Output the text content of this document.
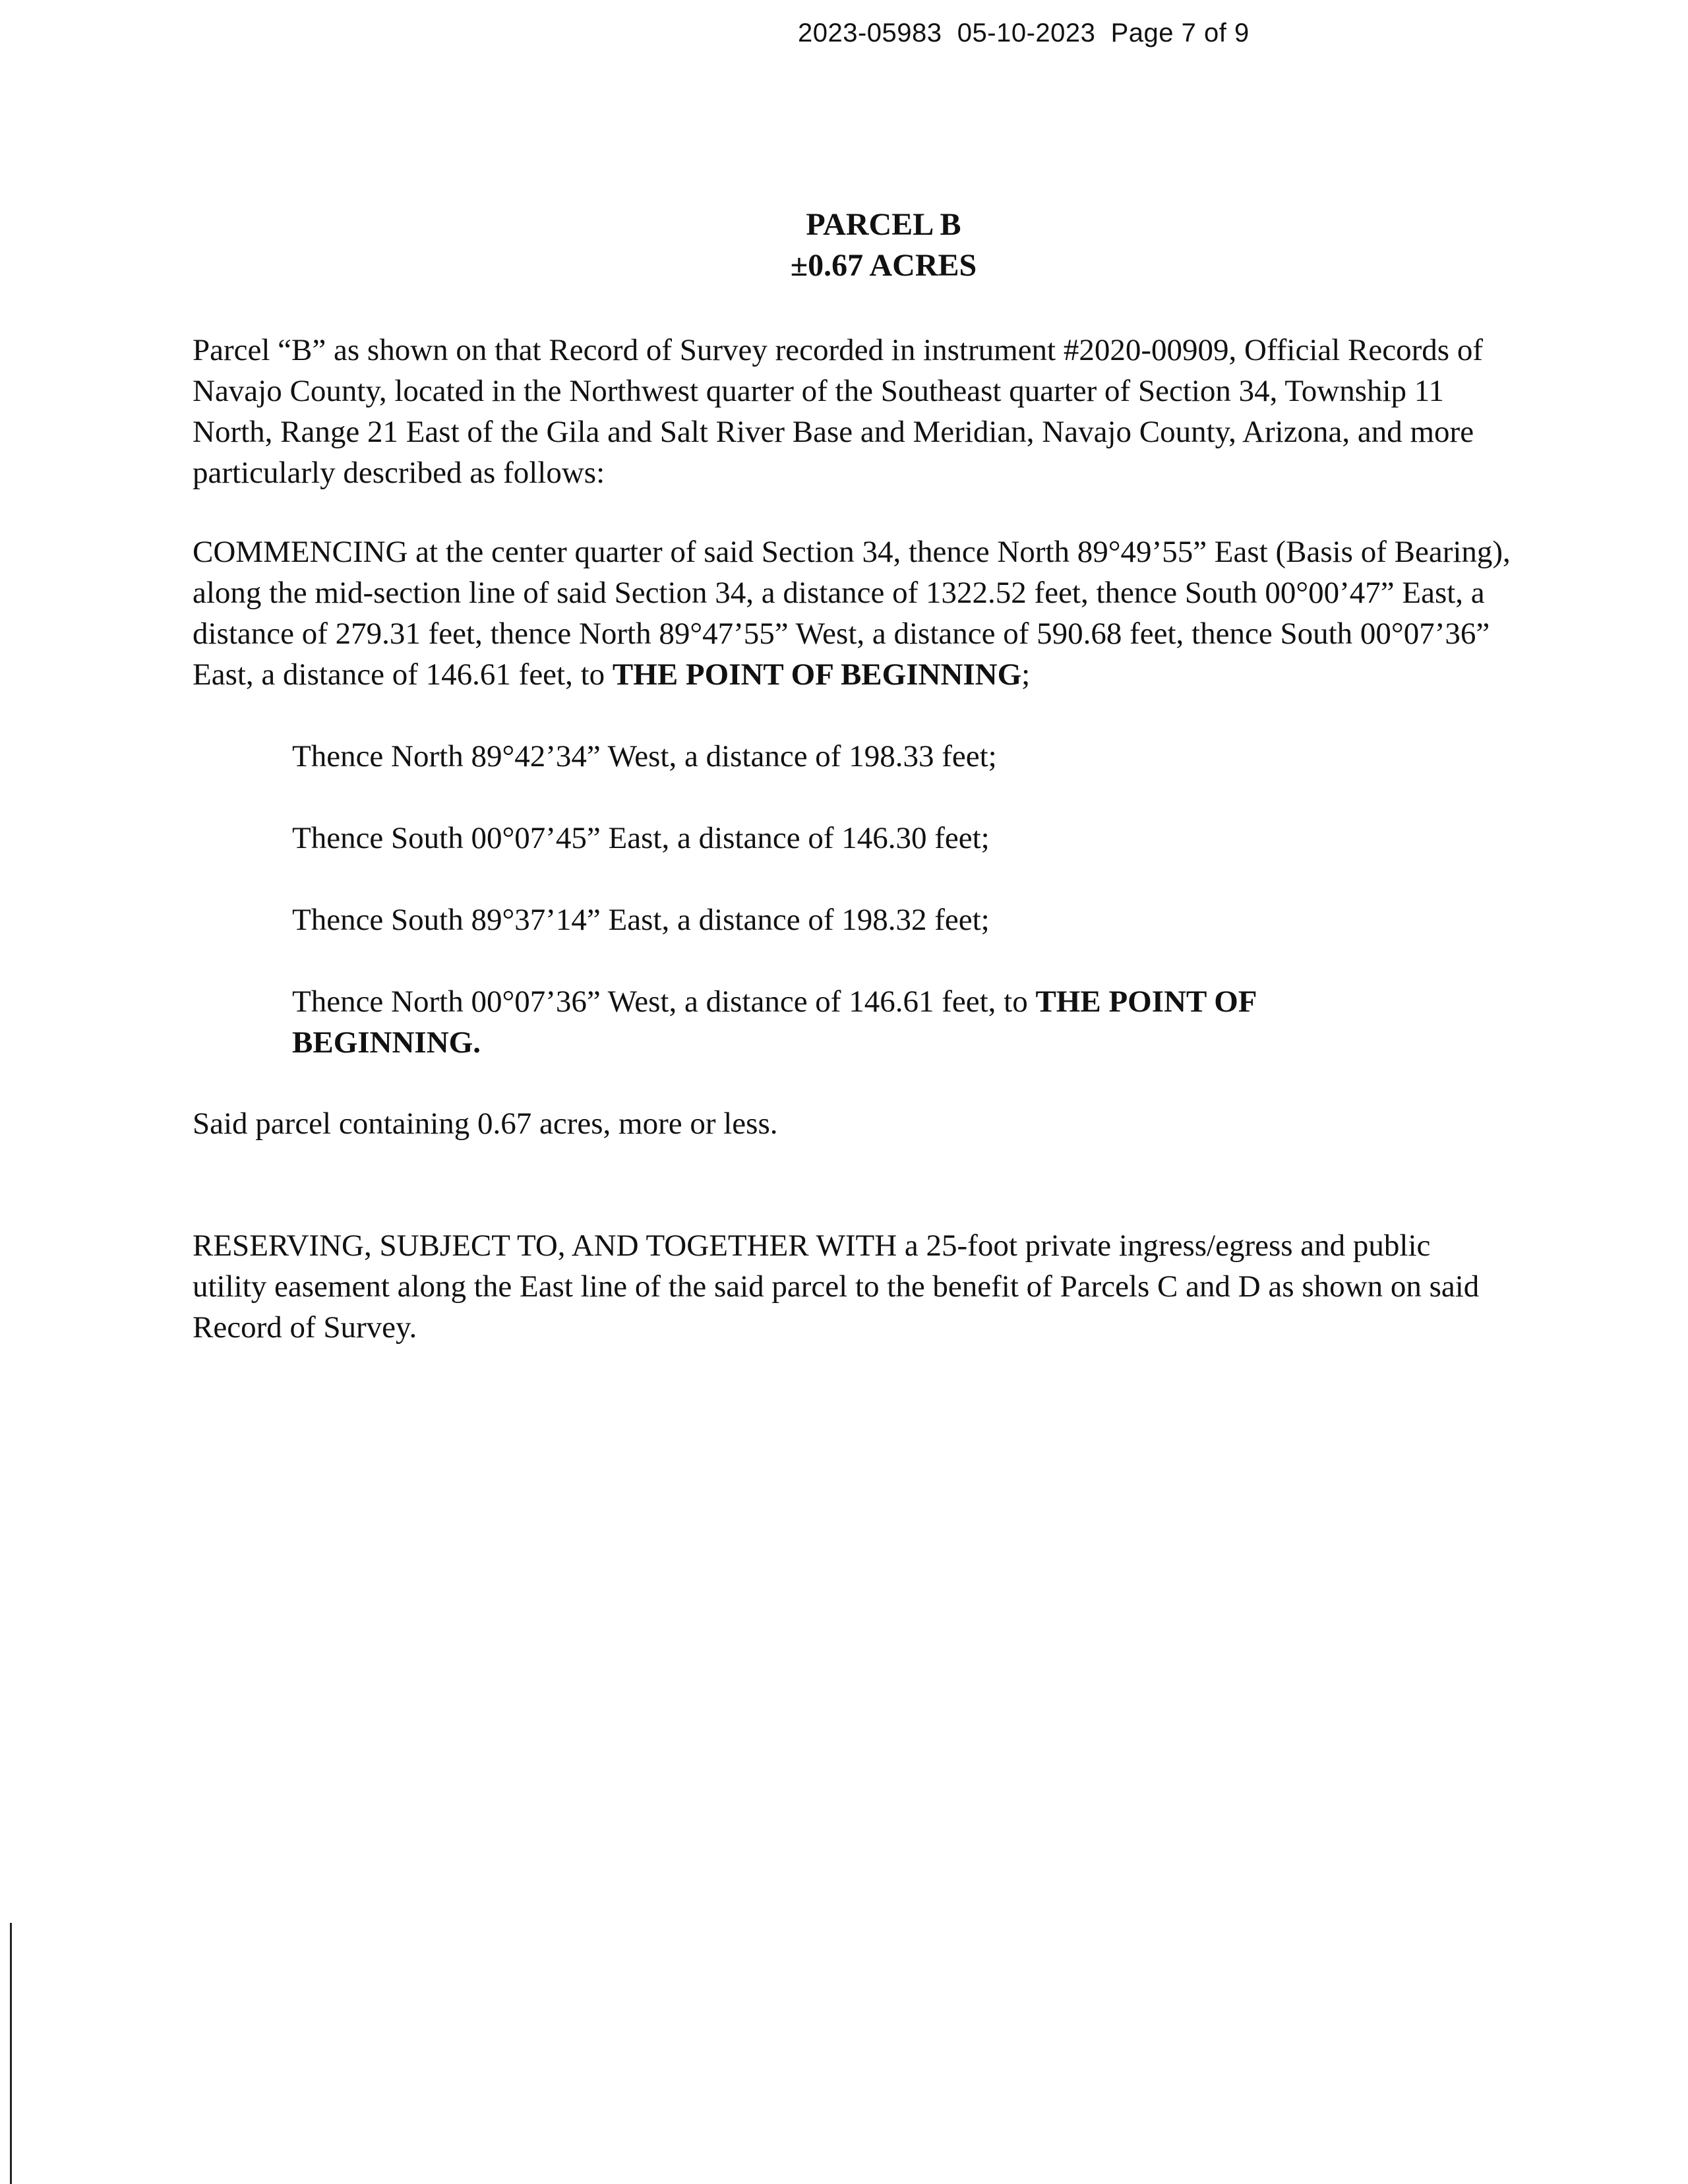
2023-05983  05-10-2023  Page 7 of 9
PARCEL B
±0.67 ACRES

Parcel “B” as shown on that Record of Survey recorded in instrument #2020-00909, Official Records of Navajo County, located in the Northwest quarter of the Southeast quarter of Section 34, Township 11 North, Range 21 East of the Gila and Salt River Base and Meridian, Navajo County, Arizona, and more particularly described as follows:

COMMENCING at the center quarter of said Section 34, thence North 89°49’55” East (Basis of Bearing), along the mid-section line of said Section 34, a distance of 1322.52 feet, thence South 00°00’47” East, a distance of 279.31 feet, thence North 89°47’55” West, a distance of 590.68 feet, thence South 00°07’36” East, a distance of 146.61 feet, to THE POINT OF BEGINNING;

Thence North 89°42’34” West, a distance of 198.33 feet;

Thence South 00°07’45” East, a distance of 146.30 feet;

Thence South 89°37’14” East, a distance of 198.32 feet;

Thence North 00°07’36” West, a distance of 146.61 feet, to THE POINT OF BEGINNING.

Said parcel containing 0.67 acres, more or less.

RESERVING, SUBJECT TO, AND TOGETHER WITH a 25-foot private ingress/egress and public utility easement along the East line of the said parcel to the benefit of Parcels C and D as shown on said Record of Survey.
